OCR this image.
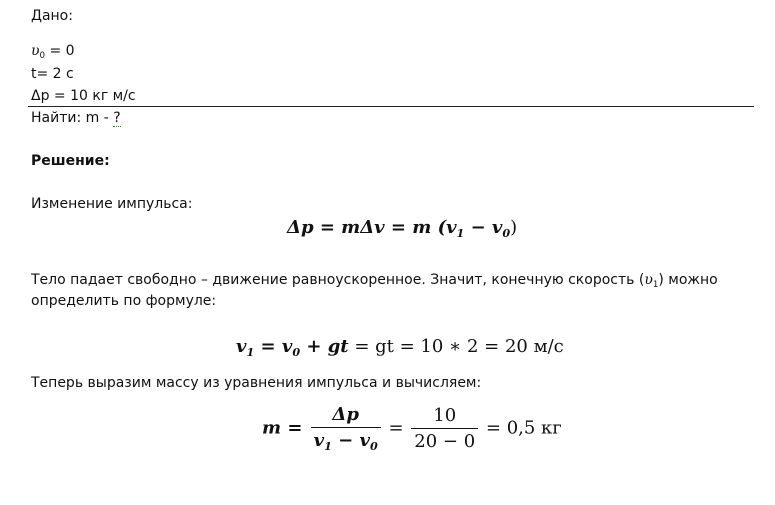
Дано:
$\upsilon_0 = 0$
t= 2 с
Δр = 10 кг м/с
Найти: m - ?
Решение:
Изменение импульса:
Δp = mΔv = m $(v_1 - v_0)$
Тело падает свободно – движение равноускоренное. Значит, конечную скорость $(\upsilon_1)$ можно
определить по формуле:
$v_1 = v_0$ + gt = gt = 10 ∗ 2 = 20 м/с
Теперь выразим массу из уравнения импульса и вычисляем:
$m = \frac{\Delta p}{v_1 - v_0} = \frac{10}{20 - 0} = 0,5$ кг
